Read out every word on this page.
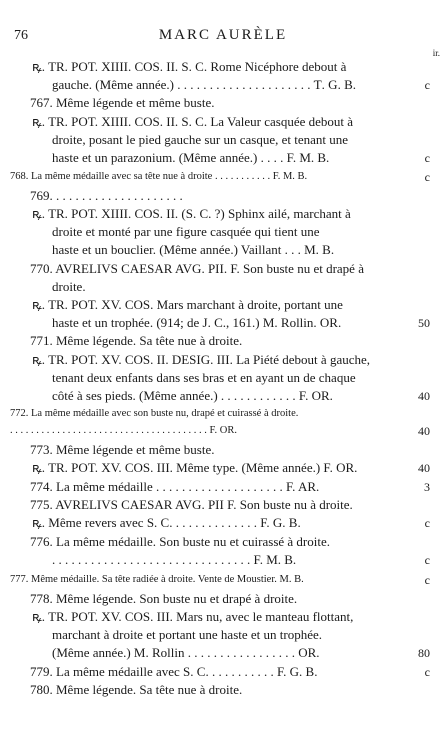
76	MARC AURÈLE
ir.
ꝶ. TR. POT. XIIII. COS. II. S. C. Rome Nicéphore debout à
gauche. (Même année.) . . . . . . . . . . . . . . . . . . . . . Ƭ. G. B.	c
767. Même légende et même buste.
ꝶ. TR. POT. XIIII. COS. II. S. C. La Valeur casquée debout à
droite, posant le pied gauche sur un casque, et tenant une
haste et un parazonium. (Même année.) . . . . F. M. B.	c
768. La même médaille avec sa tête nue à droite . . . . . . . . . . . F. M. B.	c
769. . . . . . . . . . . . . . . . . . . . .
ꝶ. TR. POT. XIIII. COS. II. (S. C. ?) Sphinx ailé, marchant à
droite et monté par une figure casquée qui tient une
haste et un bouclier. (Même année.) Vaillant . . . M. B.
770. AVRELIVS CAESAR AVG. PII. F. Son buste nu et drapé à
droite.
ꝶ. TR. POT. XV. COS. Mars marchant à droite, portant une
haste et un trophée. (914; de J. C., 161.) M. Rollin. OR.	50
771. Même légende. Sa tête nue à droite.
ꝶ. TR. POT. XV. COS. II. DESIG. III. La Piété debout à gauche,
tenant deux enfants dans ses bras et en ayant un de chaque
côté à ses pieds. (Même année.) . . . . . . . . . . . . F. OR.	40
772. La même médaille avec son buste nu, drapé et cuirassé à droite.
. . . . . . . . . . . . . . . . . . . . . . . . . . . . . . . . . . . . . . F. OR.	40
773. Même légende et même buste.
ꝶ. TR. POT. XV. COS. III. Même type. (Même année.) F. OR.	40
774. La même médaille . . . . . . . . . . . . . . . . . . . . F. AR.	3
775. AVRELIVS CAESAR AVG. PII F. Son buste nu à droite.
ꝶ. Même revers avec S. C. . . . . . . . . . . . . . F. G. B.	c
776. La même médaille. Son buste nu et cuirassé à droite.
. . . . . . . . . . . . . . . . . . . . . . . . . . . . . . . F. M. B.	c
777. Même médaille. Sa tête radiée à droite. Vente de Moustier. M. B.	c
778. Même légende. Son buste nu et drapé à droite.
ꝶ. TR. POT. XV. COS. III. Mars nu, avec le manteau flottant,
marchant à droite et portant une haste et un trophée.
(Même année.) M. Rollin . . . . . . . . . . . . . . . . . OR.	80
779. La même médaille avec S. C. . . . . . . . . . . F. G. B.	c
780. Même légende. Sa tête nue à droite.
